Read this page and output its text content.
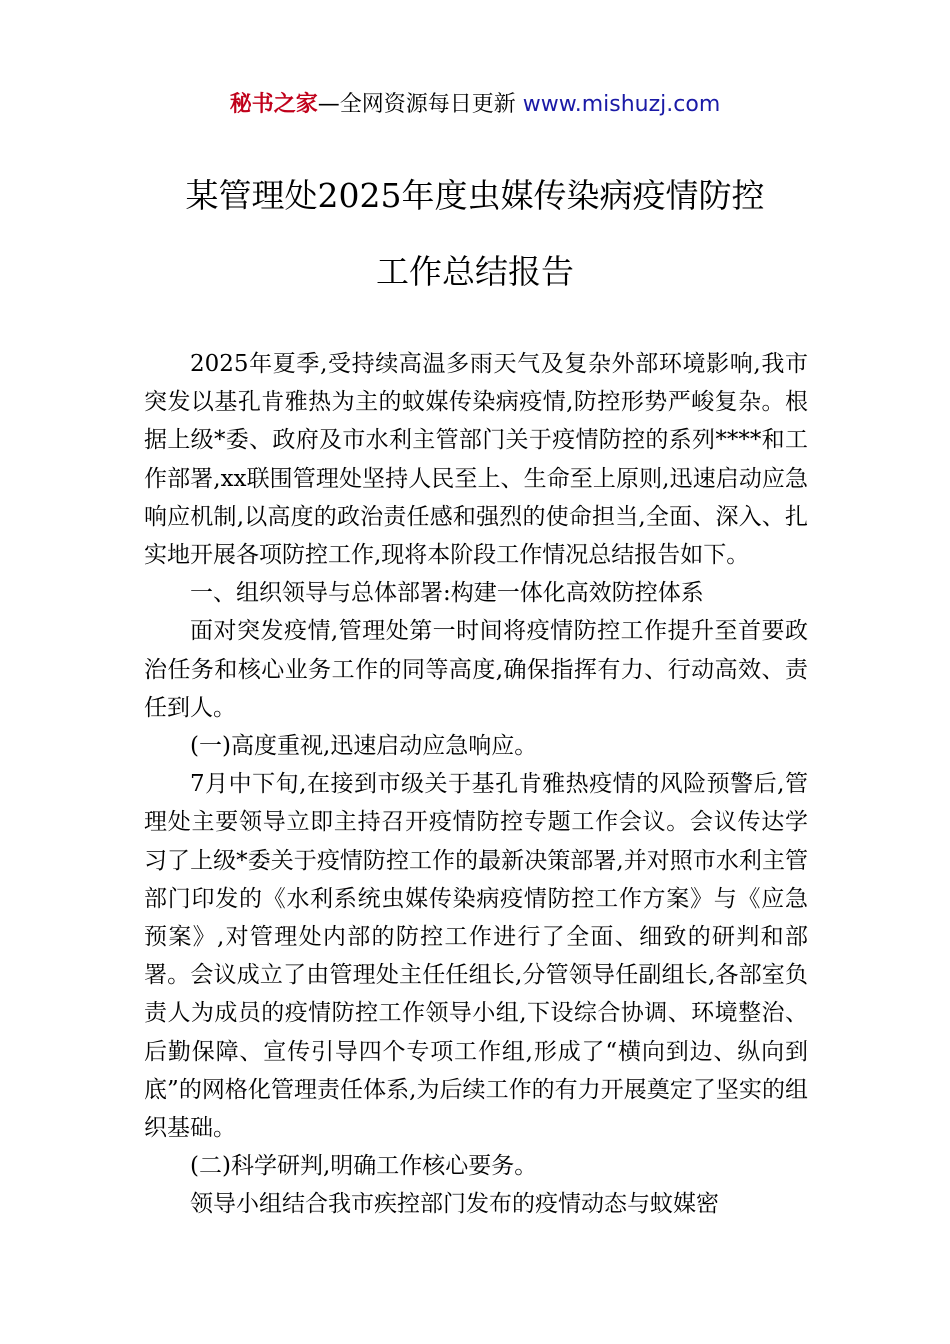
秘书之家—全网资源每日更新 www.mishuzj.com
某管理处2025年度虫媒传染病疫情防控
工作总结报告

2025年夏季,受持续高温多雨天气及复杂外部环境影响,我市突发以基孔肯雅热为主的蚊媒传染病疫情,防控形势严峻复杂。根据上级*委、政府及市水利主管部门关于疫情防控的系列****和工作部署,xx联围管理处坚持人民至上、生命至上原则,迅速启动应急响应机制,以高度的政治责任感和强烈的使命担当,全面、深入、扎实地开展各项防控工作,现将本阶段工作情况总结报告如下。

一、组织领导与总体部署:构建一体化高效防控体系

面对突发疫情,管理处第一时间将疫情防控工作提升至首要政治任务和核心业务工作的同等高度,确保指挥有力、行动高效、责任到人。

(一)高度重视,迅速启动应急响应。

7月中下旬,在接到市级关于基孔肯雅热疫情的风险预警后,管理处主要领导立即主持召开疫情防控专题工作会议。会议传达学习了上级*委关于疫情防控工作的最新决策部署,并对照市水利主管部门印发的《水利系统虫媒传染病疫情防控工作方案》与《应急预案》,对管理处内部的防控工作进行了全面、细致的研判和部署。会议成立了由管理处主任任组长,分管领导任副组长,各部室负责人为成员的疫情防控工作领导小组,下设综合协调、环境整治、后勤保障、宣传引导四个专项工作组,形成了“横向到边、纵向到底”的网格化管理责任体系,为后续工作的有力开展奠定了坚实的组织基础。

(二)科学研判,明确工作核心要务。

领导小组结合我市疾控部门发布的疫情动态与蚊媒密
